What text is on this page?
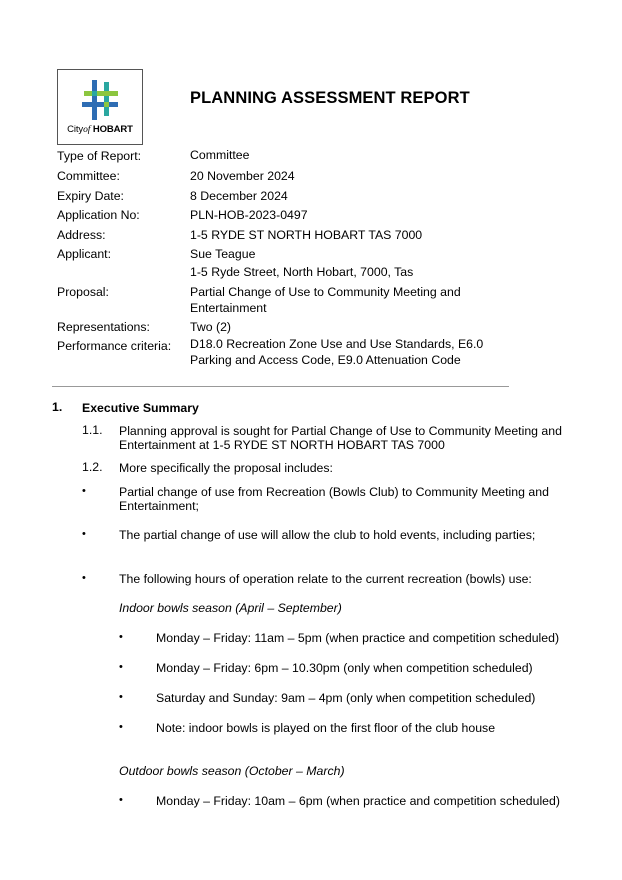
Cityof HOBART
PLANNING ASSESSMENT REPORT
Type of Report:	Committee
Committee:	20 November 2024
Expiry Date:	8 December 2024
Application No:	PLN-HOB-2023-0497
Address:	1-5 RYDE ST NORTH HOBART TAS 7000
Applicant:	Sue Teague
1-5 Ryde Street, North Hobart, 7000, Tas
Proposal:	Partial Change of Use to Community Meeting and
Entertainment
Representations:	Two (2)
Performance criteria: D18.0 Recreation Zone Use and Use Standards, E6.0
Parking and Access Code, E9.0 Attenuation Code
1. Executive Summary
1.1. Planning approval is sought for Partial Change of Use to Community Meeting and
Entertainment at 1-5 RYDE ST NORTH HOBART TAS 7000
1.2. More specifically the proposal includes:
•	Partial change of use from Recreation (Bowls Club) to Community Meeting and
Entertainment;
•	The partial change of use will allow the club to hold events, including parties;
•	The following hours of operation relate to the current recreation (bowls) use:
Indoor bowls season (April – September)
•	Monday – Friday: 11am – 5pm (when practice and competition scheduled)
•	Monday – Friday: 6pm – 10.30pm (only when competition scheduled)
•	Saturday and Sunday: 9am – 4pm (only when competition scheduled)
•	Note: indoor bowls is played on the first floor of the club house
Outdoor bowls season (October – March)
•	Monday – Friday: 10am – 6pm (when practice and competition scheduled)
